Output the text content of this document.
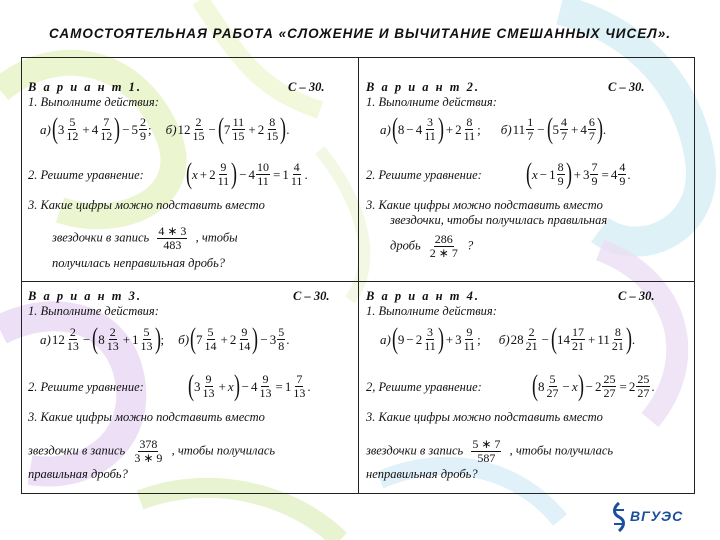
САМОСТОЯТЕЛЬНАЯ РАБОТА «СЛОЖЕНИЕ И ВЫЧИТАНИЕ СМЕШАННЫХ ЧИСЕЛ».
В а р и а н т 1.	С – 30.
1. Выполните действия:
а) ( $3 \frac{5}{12} + 4 \frac{7}{12}$ ) − $5 \frac{2}{9}$ ; б) $12 \frac{2}{15}$ − ( $7 \frac{11}{15} + 2 \frac{8}{15}$ ) .
2. Решите уравнение: ( $x + 2 \frac{9}{11}$ ) − $4 \frac{10}{11} = 1 \frac{4}{11}$ .
3. Какие цифры можно подставить вместо
звездочки в запись $\frac{4 ∗ 3}{483}$ , чтобы
получилась неправильная дробь?
В а р и а н т 2.	С – 30.
1. Выполните действия:
а) ( $8 - 4 \frac{3}{11}$ ) + $2 \frac{8}{11}$ ; б) $11 \frac{1}{7}$ − ( $5 \frac{4}{7} + 4 \frac{6}{7}$ ) .
2. Решите уравнение: ( $x - 1 \frac{8}{9}$ ) + $3 \frac{7}{9} = 4 \frac{4}{9}$ .
3. Какие цифры можно подставить вместо
звездочки, чтобы получилась правильная
дробь $\frac{286}{2 ∗ 7}$ ?
В а р и а н т 3.	С – 30.
1. Выполните действия:
а) $12 \frac{2}{13}$ − ( $8 \frac{2}{13} + 1 \frac{5}{13}$ ) ; б) ( $7 \frac{5}{14} + 2 \frac{9}{14}$ ) − $3 \frac{5}{8}$ .
2. Решите уравнение: ( $3 \frac{9}{13} + x$ ) − $4 \frac{9}{13} = 1 \frac{7}{13}$ .
3. Какие цифры можно подставить вместо
звездочки в запись $\frac{378}{3 ∗ 9}$ , чтобы получилась
правильная дробь?
В а р и а н т 4.	С – 30.
1. Выполните действия:
а) ( $9 - 2 \frac{3}{11}$ ) + $3 \frac{9}{11}$ ; б) $28 \frac{2}{21}$ − ( $14 \frac{17}{21} + 11 \frac{8}{21}$ ) .
2, Решите уравнение: ( $8 \frac{5}{27} - x$ ) − $2 \frac{25}{27} = 2 \frac{25}{27}$ .
3. Какие цифры можно подставить вместо
звездочки в запись $\frac{5 ∗ 7}{587}$ , чтобы получилась
неправильная дробь?
ВГУЭС
